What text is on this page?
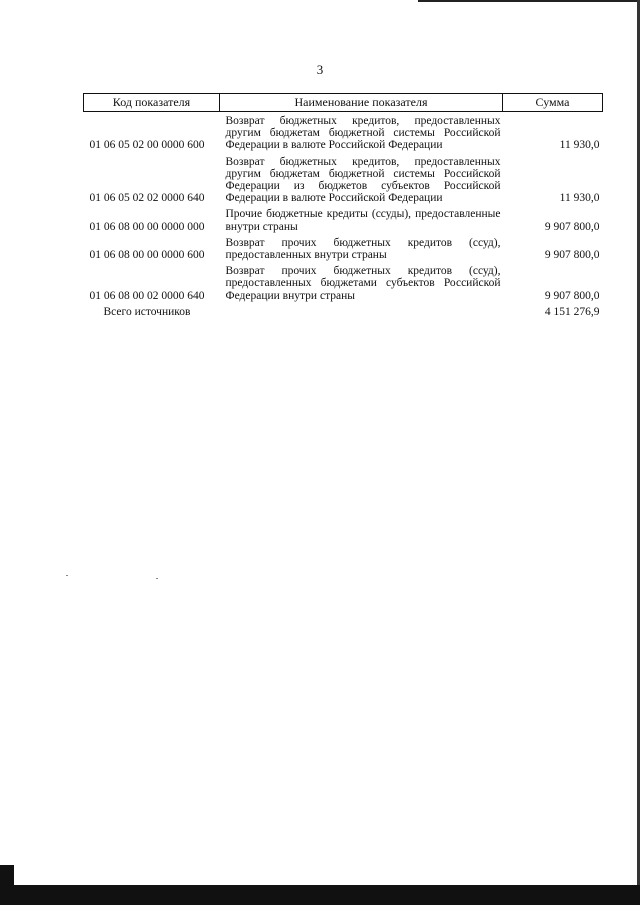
3
Код показателя	Наименование показателя	Сумма
01 06 05 02 00 0000 600	Возврат бюджетных кредитов, предоставленных другим бюджетам бюджетной системы Российской Федерации в валюте Российской Федерации	11 930,0
01 06 05 02 02 0000 640	Возврат бюджетных кредитов, предоставленных другим бюджетам бюджетной системы Российской Федерации из бюджетов субъектов Российской Федерации в валюте Российской Федерации	11 930,0
01 06 08 00 00 0000 000	Прочие бюджетные кредиты (ссуды), предоставленные внутри страны	9 907 800,0
01 06 08 00 00 0000 600	Возврат прочих бюджетных кредитов (ссуд), предоставленных внутри страны	9 907 800,0
01 06 08 00 02 0000 640	Возврат прочих бюджетных кредитов (ссуд), предоставленных бюджетами субъектов Российской Федерации внутри страны	9 907 800,0
Всего источников		4 151 276,9
